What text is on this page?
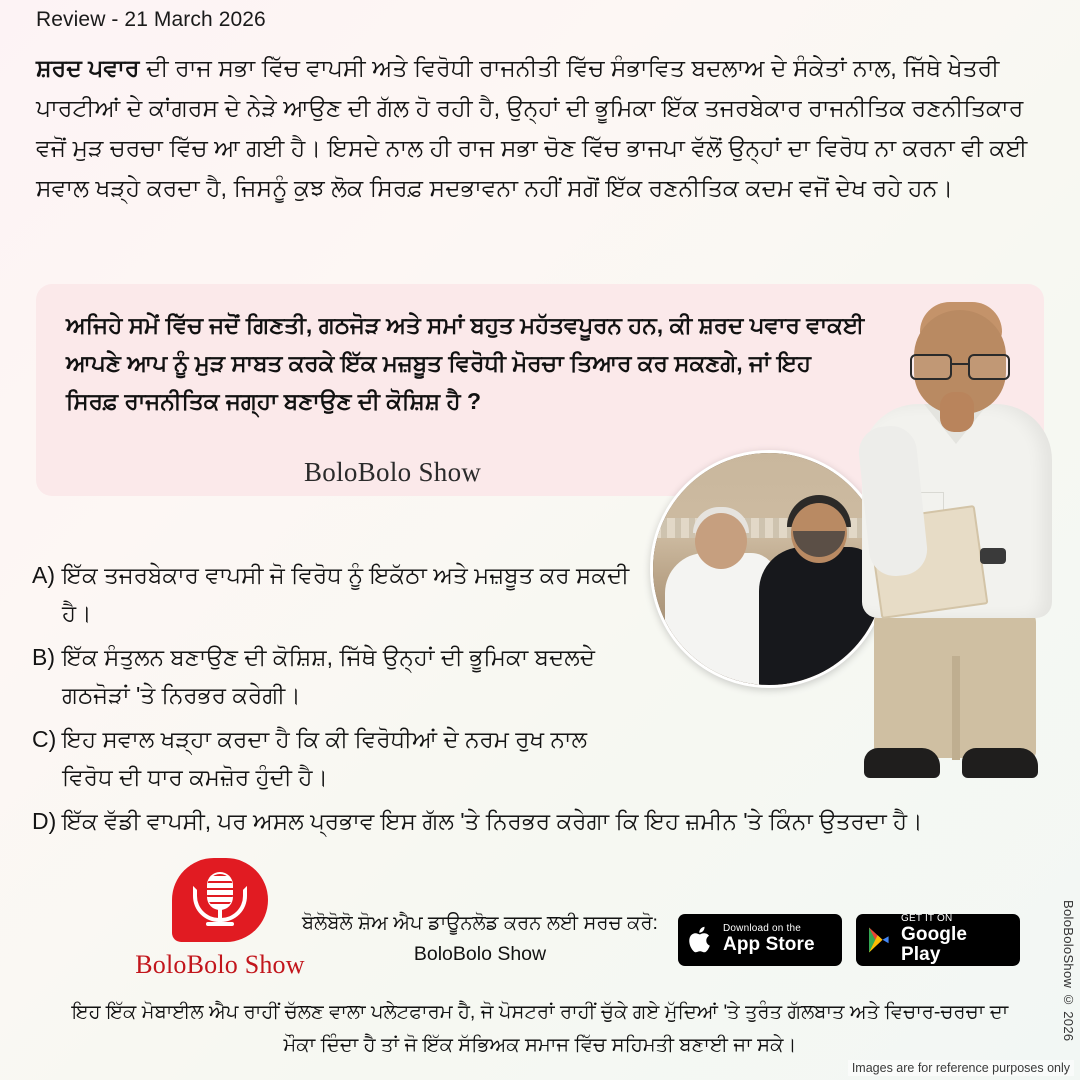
Review - 21 March 2026
ਸ਼ਰਦ ਪਵਾਰ ਦੀ ਰਾਜ ਸਭਾ ਵਿੱਚ ਵਾਪਸੀ ਅਤੇ ਵਿਰੋਧੀ ਰਾਜਨੀਤੀ ਵਿੱਚ ਸੰਭਾਵਿਤ ਬਦਲਾਅ ਦੇ ਸੰਕੇਤਾਂ ਨਾਲ, ਜਿੱਥੇ ਖੇਤਰੀ ਪਾਰਟੀਆਂ ਦੇ ਕਾਂਗਰਸ ਦੇ ਨੇੜੇ ਆਉਣ ਦੀ ਗੱਲ ਹੋ ਰਹੀ ਹੈ, ਉਨ੍ਹਾਂ ਦੀ ਭੂਮਿਕਾ ਇੱਕ ਤਜਰਬੇਕਾਰ ਰਾਜਨੀਤਿਕ ਰਣਨੀਤਿਕਾਰ ਵਜੋਂ ਮੁੜ ਚਰਚਾ ਵਿੱਚ ਆ ਗਈ ਹੈ। ਇਸਦੇ ਨਾਲ ਹੀ ਰਾਜ ਸਭਾ ਚੋਣ ਵਿੱਚ ਭਾਜਪਾ ਵੱਲੋਂ ਉਨ੍ਹਾਂ ਦਾ ਵਿਰੋਧ ਨਾ ਕਰਨਾ ਵੀ ਕਈ ਸਵਾਲ ਖੜ੍ਹੇ ਕਰਦਾ ਹੈ, ਜਿਸਨੂੰ ਕੁਝ ਲੋਕ ਸਿਰਫ਼ ਸਦਭਾਵਨਾ ਨਹੀਂ ਸਗੋਂ ਇੱਕ ਰਣਨੀਤਿਕ ਕਦਮ ਵਜੋਂ ਦੇਖ ਰਹੇ ਹਨ।
ਅਜਿਹੇ ਸਮੇਂ ਵਿੱਚ ਜਦੋਂ ਗਿਣਤੀ, ਗਠਜੋੜ ਅਤੇ ਸਮਾਂ ਬਹੁਤ ਮਹੱਤਵਪੂਰਨ ਹਨ, ਕੀ ਸ਼ਰਦ ਪਵਾਰ ਵਾਕਈ ਆਪਣੇ ਆਪ ਨੂੰ ਮੁੜ ਸਾਬਤ ਕਰਕੇ ਇੱਕ ਮਜ਼ਬੂਤ ਵਿਰੋਧੀ ਮੋਰਚਾ ਤਿਆਰ ਕਰ ਸਕਣਗੇ, ਜਾਂ ਇਹ ਸਿਰਫ਼ ਰਾਜਨੀਤਿਕ ਜਗ੍ਹਾ ਬਣਾਉਣ ਦੀ ਕੋਸ਼ਿਸ਼ ਹੈ ?
BoloBolo Show
A) ਇੱਕ ਤਜਰਬੇਕਾਰ ਵਾਪਸੀ ਜੋ ਵਿਰੋਧ ਨੂੰ ਇਕੱਠਾ ਅਤੇ ਮਜ਼ਬੂਤ ਕਰ ਸਕਦੀ ਹੈ।
B) ਇੱਕ ਸੰਤੁਲਨ ਬਣਾਉਣ ਦੀ ਕੋਸ਼ਿਸ਼, ਜਿੱਥੇ ਉਨ੍ਹਾਂ ਦੀ ਭੂਮਿਕਾ ਬਦਲਦੇ ਗਠਜੋੜਾਂ 'ਤੇ ਨਿਰਭਰ ਕਰੇਗੀ।
C) ਇਹ ਸਵਾਲ ਖੜ੍ਹਾ ਕਰਦਾ ਹੈ ਕਿ ਕੀ ਵਿਰੋਧੀਆਂ ਦੇ ਨਰਮ ਰੁਖ ਨਾਲ ਵਿਰੋਧ ਦੀ ਧਾਰ ਕਮਜ਼ੋਰ ਹੁੰਦੀ ਹੈ।
D) ਇੱਕ ਵੱਡੀ ਵਾਪਸੀ, ਪਰ ਅਸਲ ਪ੍ਰਭਾਵ ਇਸ ਗੱਲ 'ਤੇ ਨਿਰਭਰ ਕਰੇਗਾ ਕਿ ਇਹ ਜ਼ਮੀਨ 'ਤੇ ਕਿੰਨਾ ਉਤਰਦਾ ਹੈ।
BoloBolo Show
ਬੋਲੋਬੋਲੋ ਸ਼ੋਅ ਐਪ ਡਾਊਨਲੋਡ ਕਰਨ ਲਈ ਸਰਚ ਕਰੋ:
BoloBolo Show
Download on the
App Store
GET IT ON
Google Play
ਇਹ ਇੱਕ ਮੋਬਾਈਲ ਐਪ ਰਾਹੀਂ ਚੱਲਣ ਵਾਲਾ ਪਲੇਟਫਾਰਮ ਹੈ, ਜੋ ਪੋਸਟਰਾਂ ਰਾਹੀਂ ਚੁੱਕੇ ਗਏ ਮੁੱਦਿਆਂ 'ਤੇ ਤੁਰੰਤ ਗੱਲਬਾਤ ਅਤੇ ਵਿਚਾਰ-ਚਰਚਾ ਦਾ ਮੌਕਾ ਦਿੰਦਾ ਹੈ ਤਾਂ ਜੋ ਇੱਕ ਸੱਭਿਅਕ ਸਮਾਜ ਵਿੱਚ ਸਹਿਮਤੀ ਬਣਾਈ ਜਾ ਸਕੇ।
BoloBoloShow © 2026
Images are for reference purposes only
